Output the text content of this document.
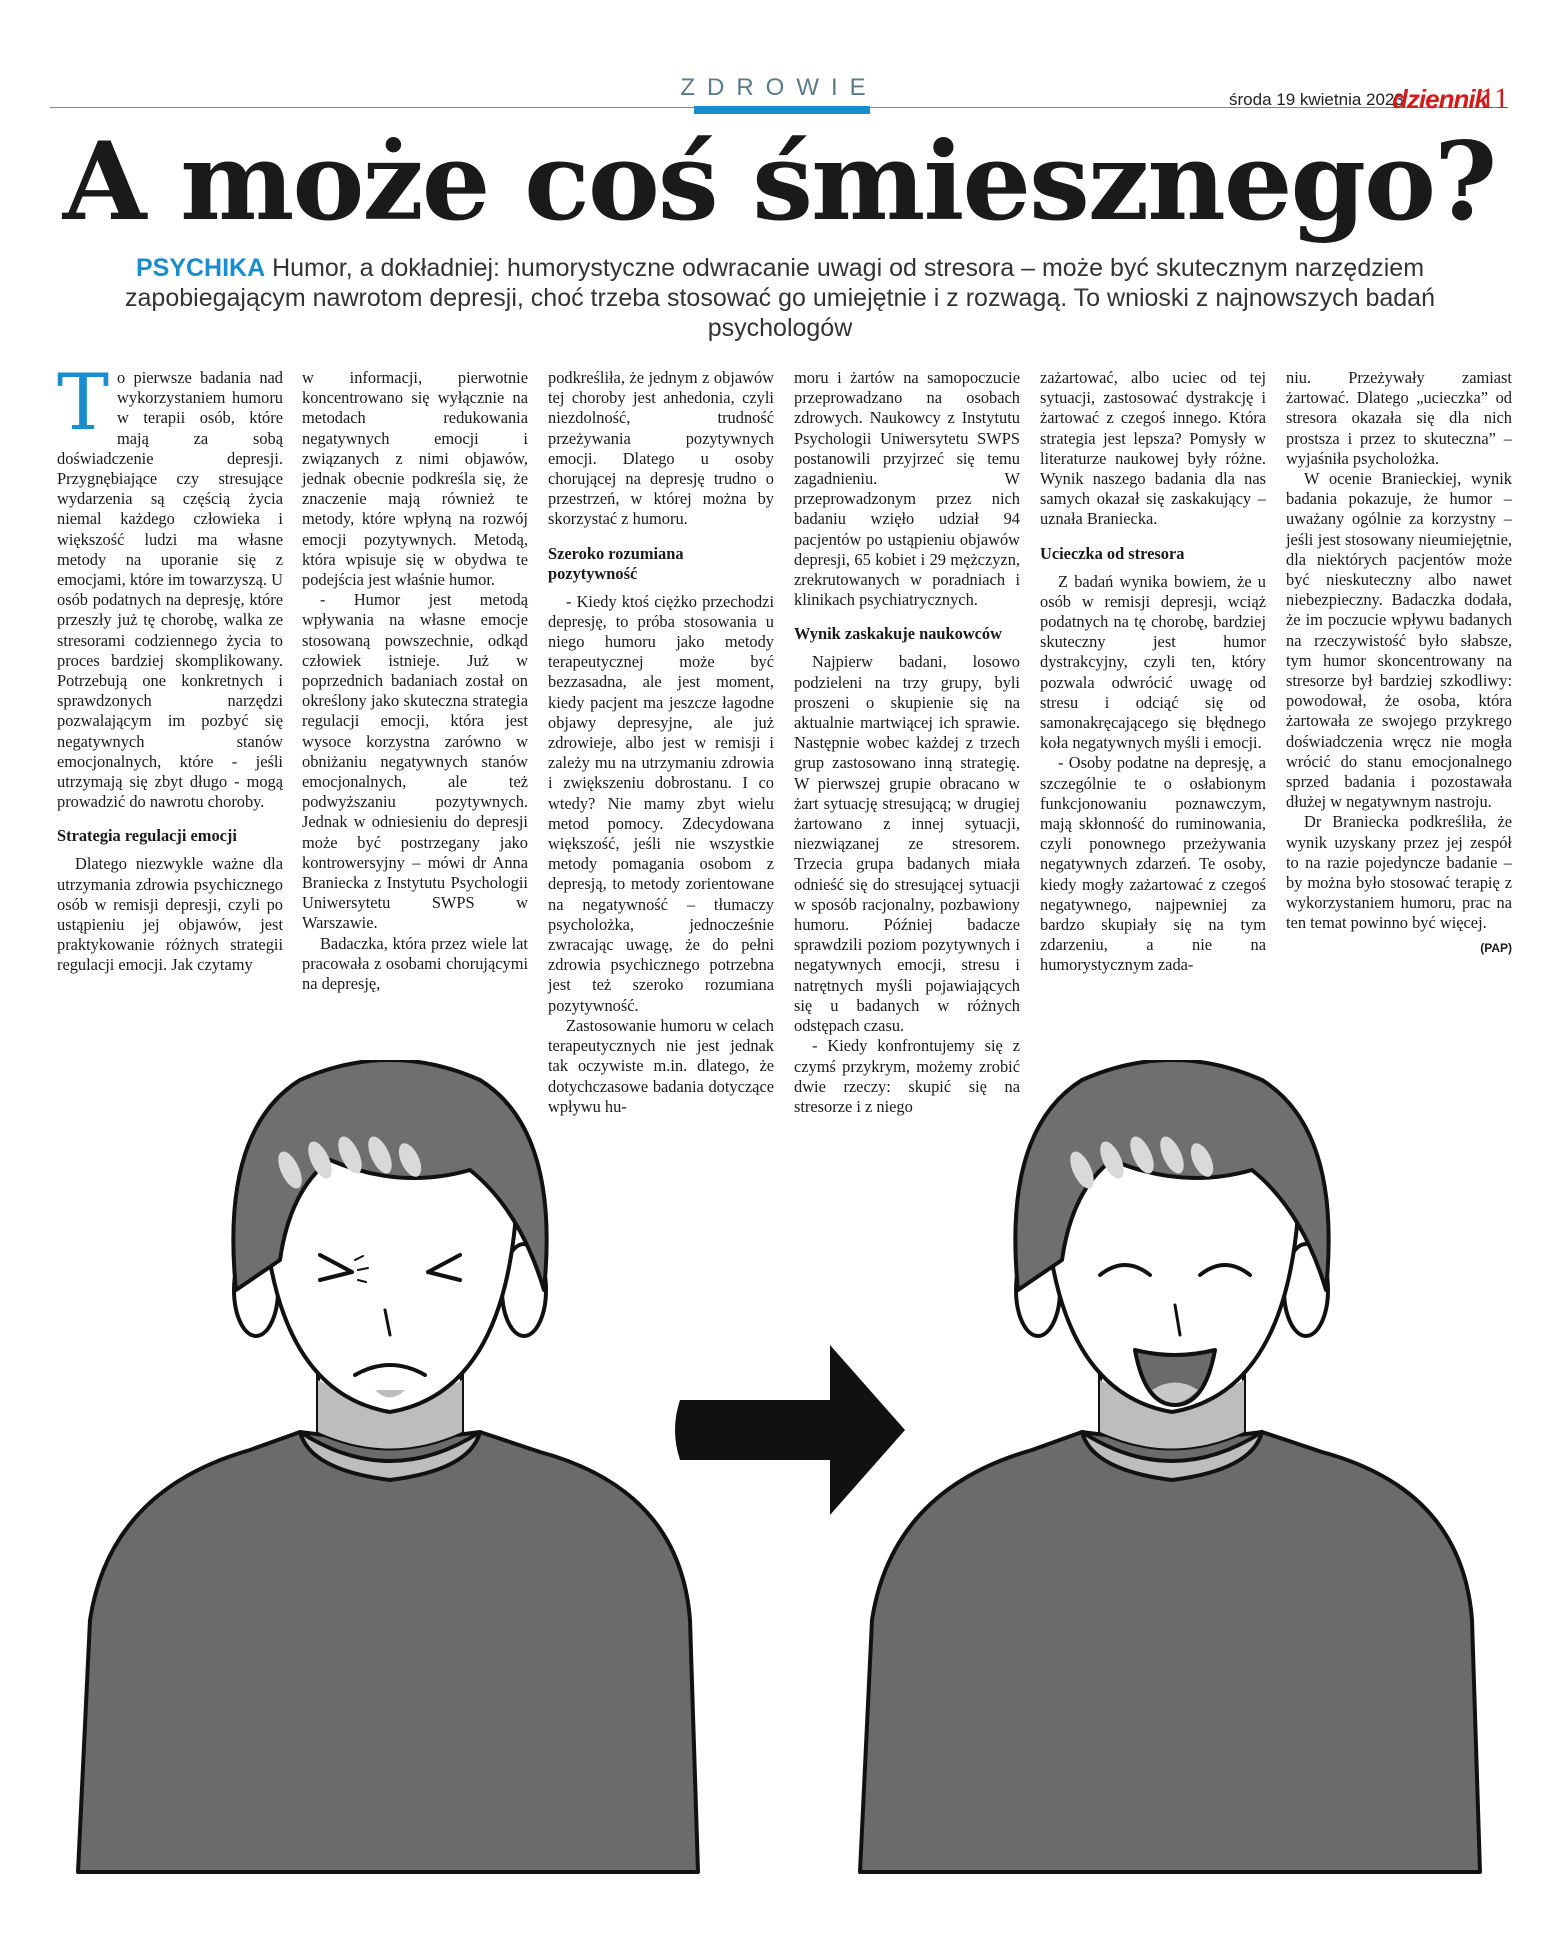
ZDROWIE	środa 19 kwietnia 2023
dziennik
11
A może coś śmiesznego?
PSYCHIKA Humor, a dokładniej: humorystyczne odwracanie uwagi od stresora – może być skutecznym narzędziem zapobiegającym nawrotom depresji, choć trzeba stosować go umiejętnie i z rozwagą. To wnioski z najnowszych badań psychologów

To pierwsze badania nad wykorzystaniem humoru w terapii osób, które mają za sobą doświadczenie depresji. Przygnębiające czy stresujące wydarzenia są częścią życia niemal każdego człowieka i większość ludzi ma własne metody na uporanie się z emocjami, które im towarzyszą. U osób podatnych na depresję, które przeszły już tę chorobę, walka ze stresorami codziennego życia to proces bardziej skomplikowany. Potrzebują one konkretnych i sprawdzonych narzędzi pozwalającym im pozbyć się negatywnych stanów emocjonalnych, które - jeśli utrzymają się zbyt długo - mogą prowadzić do nawrotu choroby.

Strategia regulacji emocji

Dlatego niezwykle ważne dla utrzymania zdrowia psychicznego osób w remisji depresji, czyli po ustąpieniu jej objawów, jest praktykowanie różnych strategii regulacji emocji. Jak czytamy

w informacji, pierwotnie koncentrowano się wyłącznie na metodach redukowania negatywnych emocji i związanych z nimi objawów, jednak obecnie podkreśla się, że znaczenie mają również te metody, które wpłyną na rozwój emocji pozytywnych. Metodą, która wpisuje się w obydwa te podejścia jest właśnie humor.

- Humor jest metodą wpływania na własne emocje stosowaną powszechnie, odkąd człowiek istnieje. Już w poprzednich badaniach został on określony jako skuteczna strategia regulacji emocji, która jest wysoce korzystna zarówno w obniżaniu negatywnych stanów emocjonalnych, ale też podwyższaniu pozytywnych. Jednak w odniesieniu do depresji może być postrzegany jako kontrowersyjny – mówi dr Anna Braniecka z Instytutu Psychologii Uniwersytetu SWPS w Warszawie.

Badaczka, która przez wiele lat pracowała z osobami chorującymi na depresję,

podkreśliła, że jednym z objawów tej choroby jest anhedonia, czyli niezdolność, trudność przeżywania pozytywnych emocji. Dlatego u osoby chorującej na depresję trudno o przestrzeń, w której można by skorzystać z humoru.

Szeroko rozumiana pozytywność

- Kiedy ktoś ciężko przechodzi depresję, to próba stosowania u niego humoru jako metody terapeutycznej może być bezzasadna, ale jest moment, kiedy pacjent ma jeszcze łagodne objawy depresyjne, ale już zdrowieje, albo jest w remisji i zależy mu na utrzymaniu zdrowia i zwiększeniu dobrostanu. I co wtedy? Nie mamy zbyt wielu metod pomocy. Zdecydowana większość, jeśli nie wszystkie metody pomagania osobom z depresją, to metody zorientowane na negatywność – tłumaczy psycholożka, jednocześnie zwracając uwagę, że do pełni zdrowia psychicznego potrzebna jest też szeroko rozumiana pozytywność.

Zastosowanie humoru w celach terapeutycznych nie jest jednak tak oczywiste m.in. dlatego, że dotychczasowe badania dotyczące wpływu hu-

moru i żartów na samopoczucie przeprowadzano na osobach zdrowych. Naukowcy z Instytutu Psychologii Uniwersytetu SWPS postanowili przyjrzeć się temu zagadnieniu. W przeprowadzonym przez nich badaniu wzięło udział 94 pacjentów po ustąpieniu objawów depresji, 65 kobiet i 29 mężczyzn, zrekrutowanych w poradniach i klinikach psychiatrycznych.

Wynik zaskakuje naukowców

Najpierw badani, losowo podzieleni na trzy grupy, byli proszeni o skupienie się na aktualnie martwiącej ich sprawie. Następnie wobec każdej z trzech grup zastosowano inną strategię. W pierwszej grupie obracano w żart sytuację stresującą; w drugiej żartowano z innej sytuacji, niezwiązanej ze stresorem. Trzecia grupa badanych miała odnieść się do stresującej sytuacji w sposób racjonalny, pozbawiony humoru. Później badacze sprawdzili poziom pozytywnych i negatywnych emocji, stresu i natrętnych myśli pojawiających się u badanych w różnych odstępach czasu.

- Kiedy konfrontujemy się z czymś przykrym, możemy zrobić dwie rzeczy: skupić się na stresorze i z niego

zażartować, albo uciec od tej sytuacji, zastosować dystrakcję i żartować z czegoś innego. Która strategia jest lepsza? Pomysły w literaturze naukowej były różne. Wynik naszego badania dla nas samych okazał się zaskakujący – uznała Braniecka.

Ucieczka od stresora

Z badań wynika bowiem, że u osób w remisji depresji, wciąż podatnych na tę chorobę, bardziej skuteczny jest humor dystrakcyjny, czyli ten, który pozwala odwrócić uwagę od stresu i odciąć się od samonakręcającego się błędnego koła negatywnych myśli i emocji.

- Osoby podatne na depresję, a szczególnie te o osłabionym funkcjonowaniu poznawczym, mają skłonność do ruminowania, czyli ponownego przeżywania negatywnych zdarzeń. Te osoby, kiedy mogły zażartować z czegoś negatywnego, najpewniej za bardzo skupiały się na tym zdarzeniu, a nie na humorystycznym zada-

niu. Przeżywały zamiast żartować. Dlatego „ucieczka” od stresora okazała się dla nich prostsza i przez to skuteczna” – wyjaśniła psycholożka.

W ocenie Branieckiej, wynik badania pokazuje, że humor – uważany ogólnie za korzystny – jeśli jest stosowany nieumiejętnie, dla niektórych pacjentów może być nieskuteczny albo nawet niebezpieczny. Badaczka dodała, że im poczucie wpływu badanych na rzeczywistość było słabsze, tym humor skoncentrowany na stresorze był bardziej szkodliwy: powodował, że osoba, która żartowała ze swojego przykrego doświadczenia wręcz nie mogła wrócić do stanu emocjonalnego sprzed badania i pozostawała dłużej w negatywnym nastroju.

Dr Braniecka podkreśliła, że wynik uzyskany przez jej zespół to na razie pojedyncze badanie – by można było stosować terapię z wykorzystaniem humoru, prac na ten temat powinno być więcej.

(PAP)
